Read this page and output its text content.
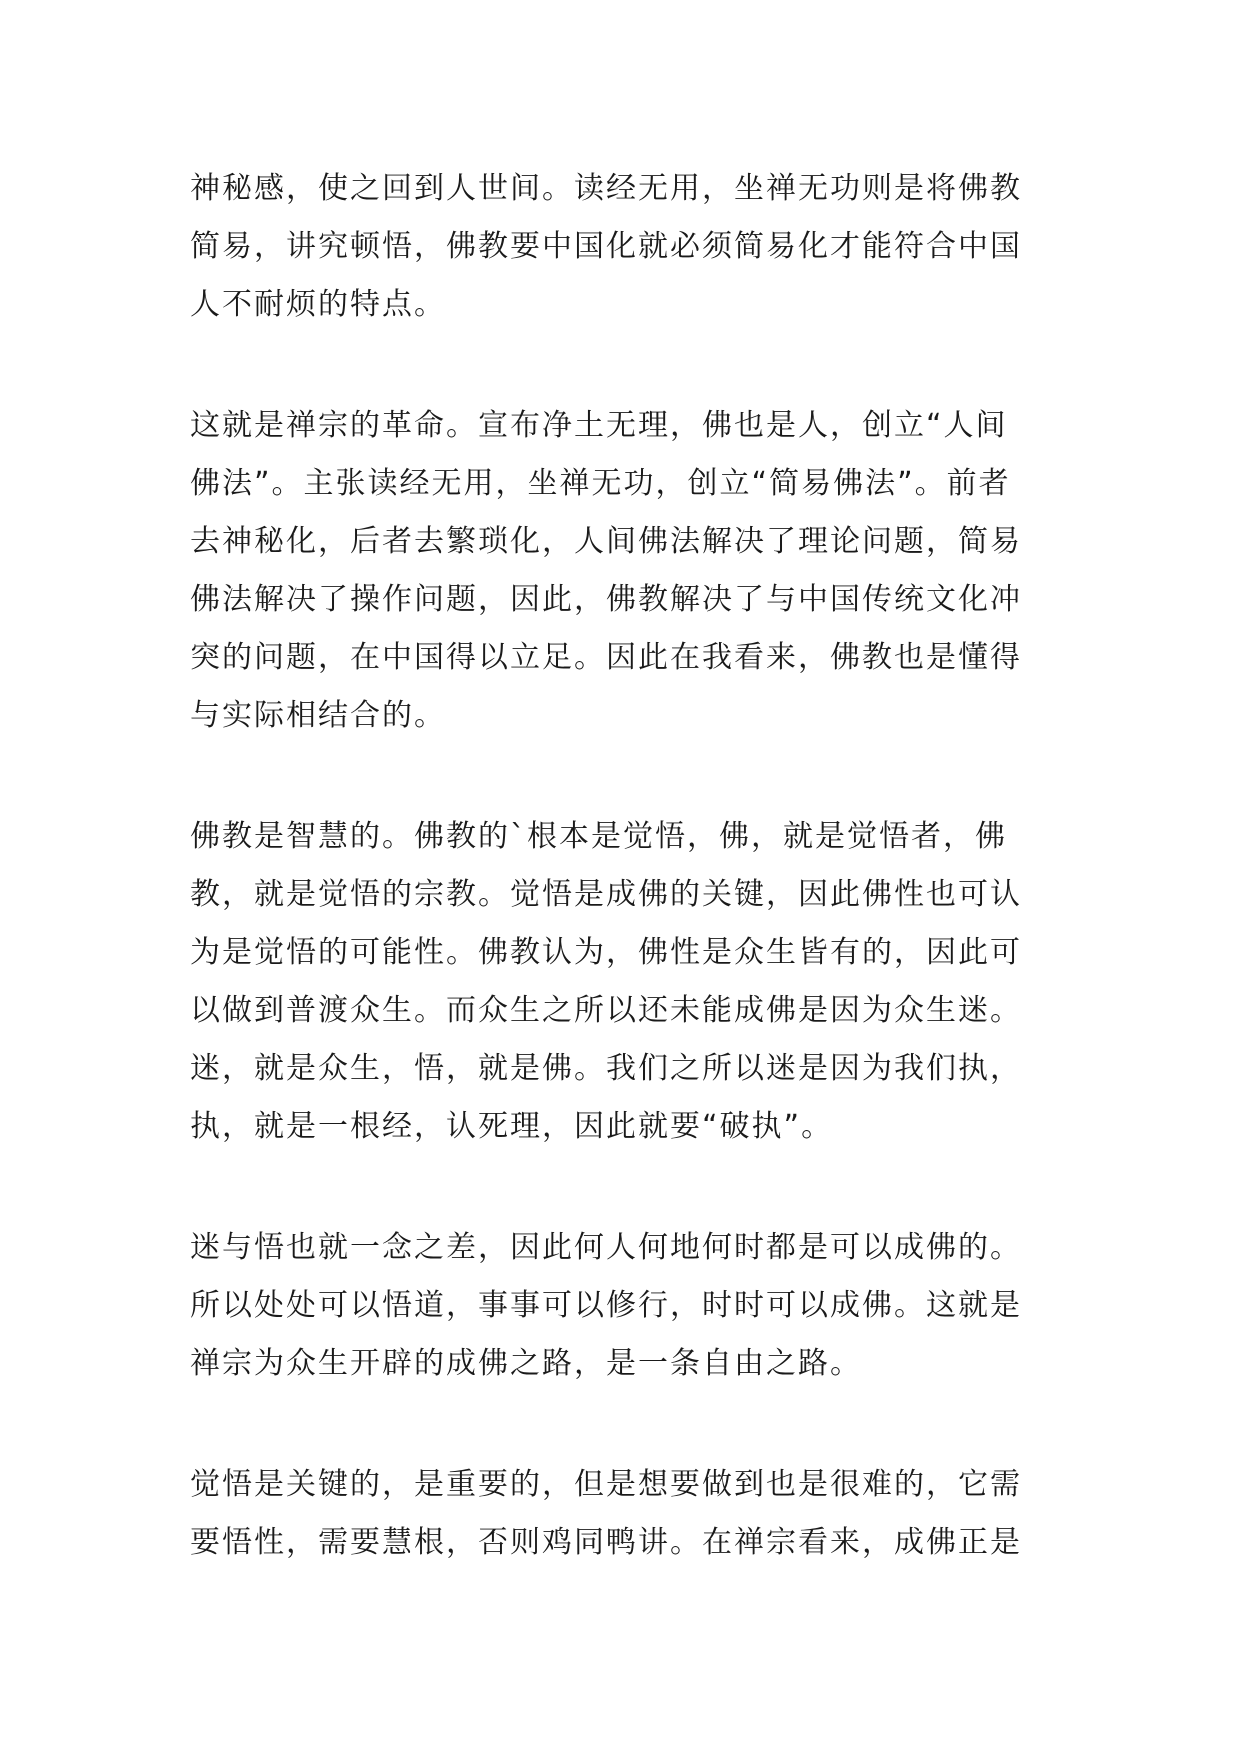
神秘感，使之回到人世间。读经无用，坐禅无功则是将佛教
简易，讲究顿悟，佛教要中国化就必须简易化才能符合中国
人不耐烦的特点。

这就是禅宗的革命。宣布净土无理，佛也是人，创立“人间
佛法”。主张读经无用，坐禅无功，创立“简易佛法”。前者
去神秘化，后者去繁琐化，人间佛法解决了理论问题，简易
佛法解决了操作问题，因此，佛教解决了与中国传统文化冲
突的问题，在中国得以立足。因此在我看来，佛教也是懂得
与实际相结合的。

佛教是智慧的。佛教的`根本是觉悟，佛，就是觉悟者，佛
教，就是觉悟的宗教。觉悟是成佛的关键，因此佛性也可认
为是觉悟的可能性。佛教认为，佛性是众生皆有的，因此可
以做到普渡众生。而众生之所以还未能成佛是因为众生迷。
迷，就是众生，悟，就是佛。我们之所以迷是因为我们执，
执，就是一根经，认死理，因此就要“破执”。

迷与悟也就一念之差，因此何人何地何时都是可以成佛的。
所以处处可以悟道，事事可以修行，时时可以成佛。这就是
禅宗为众生开辟的成佛之路，是一条自由之路。

觉悟是关键的，是重要的，但是想要做到也是很难的，它需
要悟性，需要慧根，否则鸡同鸭讲。在禅宗看来，成佛正是
